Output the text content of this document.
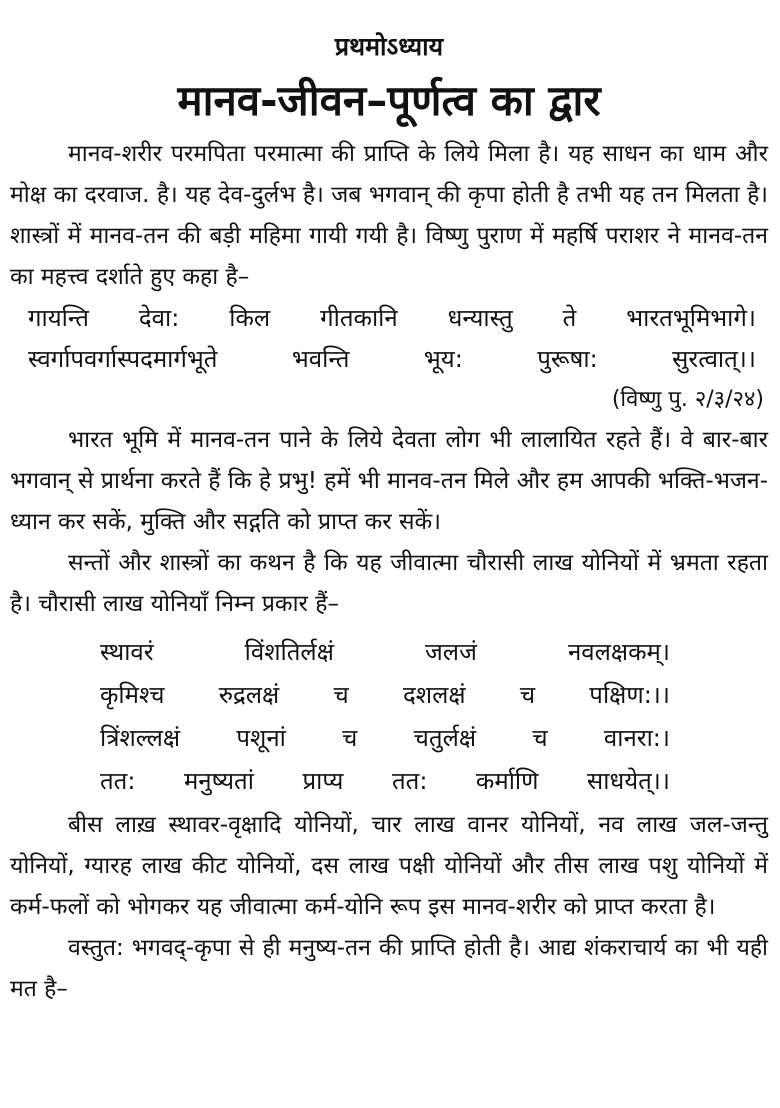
प्रथमोऽध्याय
मानव-जीवन–पूर्णत्व का द्वार

मानव-शरीर परमपिता परमात्मा की प्राप्ति के लिये मिला है। यह साधन का धाम और मोक्ष का दरवाज. है। यह देव-दुर्लभ है। जब भगवान् की कृपा होती है तभी यह तन मिलता है। शास्त्रों में मानव-तन की बड़ी महिमा गायी गयी है। विष्णु पुराण में महर्षि पराशर ने मानव-तन का महत्त्व दर्शाते हुए कहा है–

गायन्ति देवा: किल गीतकानि धन्यास्तु ते भारतभूमिभागे।
स्वर्गापवर्गास्पदमार्गभूते भवन्ति भूय: पुरूषा: सुरत्वात्।।
(विष्णु पु. २/३/२४)

भारत भूमि में मानव-तन पाने के लिये देवता लोग भी लालायित रहते हैं। वे बार-बार भगवान् से प्रार्थना करते हैं कि हे प्रभु! हमें भी मानव-तन मिले और हम आपकी भक्ति-भजन-ध्यान कर सकें, मुक्ति और सद्गति को प्राप्त कर सकें।

सन्तों और शास्त्रों का कथन है कि यह जीवात्मा चौरासी लाख योनियों में भ्रमता रहता है। चौरासी लाख योनियाँ निम्न प्रकार हैं–

स्थावरं विंशतिर्लक्षं जलजं नवलक्षकम्।
कृमिश्च रुद्रलक्षं च दशलक्षं च पक्षिण:।।
त्रिंशल्लक्षं पशूनां च चतुर्लक्षं च वानरा:।
तत: मनुष्यतां प्राप्य तत: कर्माणि साधयेत्।।

बीस लाख़ स्थावर-वृक्षादि योनियों, चार लाख वानर योनियों, नव लाख जल-जन्तु योनियों, ग्यारह लाख कीट योनियों, दस लाख पक्षी योनियों और तीस लाख पशु योनियों में कर्म-फलों को भोगकर यह जीवात्मा कर्म-योनि रूप इस मानव-शरीर को प्राप्त करता है।

वस्तुत: भगवद्-कृपा से ही मनुष्य-तन की प्राप्ति होती है। आद्य शंकराचार्य का भी यही मत है–
